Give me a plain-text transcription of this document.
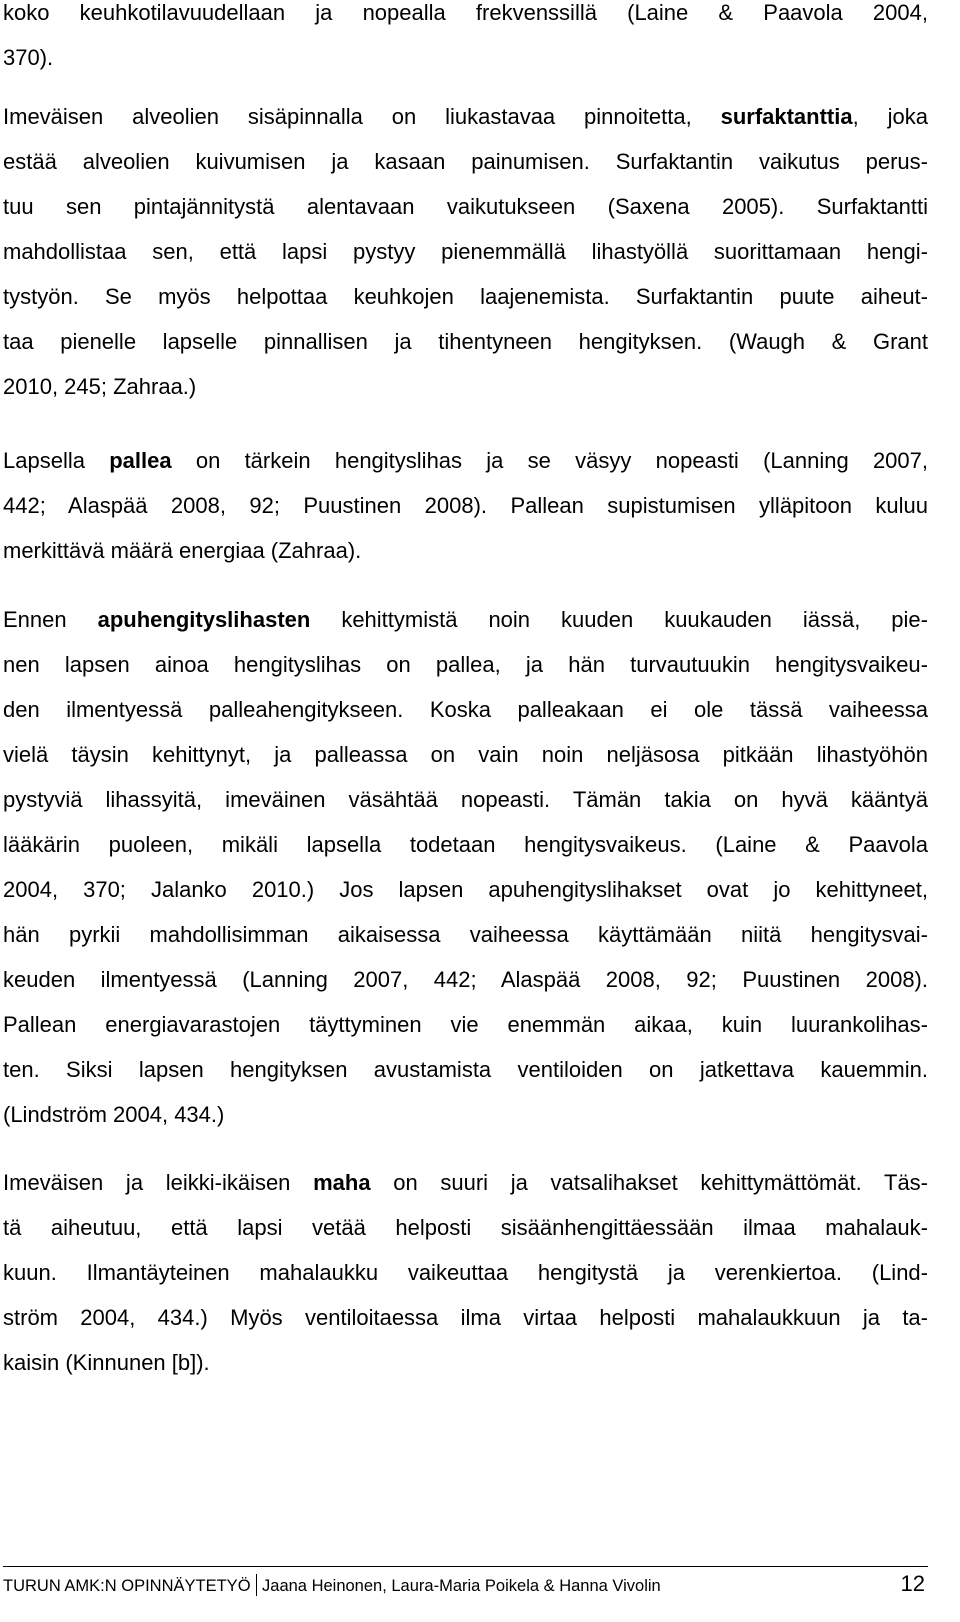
koko keuhkotilavuudellaan ja nopealla frekvenssillä (Laine & Paavola 2004,
370).
Imeväisen alveolien sisäpinnalla on liukastavaa pinnoitetta, surfaktanttia, joka
estää alveolien kuivumisen ja kasaan painumisen. Surfaktantin vaikutus perus-
tuu sen pintajännitystä alentavaan vaikutukseen (Saxena 2005). Surfaktantti
mahdollistaa sen, että lapsi pystyy pienemmällä lihastyöllä suorittamaan hengi-
tystyön. Se myös helpottaa keuhkojen laajenemista. Surfaktantin puute aiheut-
taa pienelle lapselle pinnallisen ja tihentyneen hengityksen. (Waugh & Grant
2010, 245; Zahraa.)
Lapsella pallea on tärkein hengityslihas ja se väsyy nopeasti (Lanning 2007,
442; Alaspää 2008, 92; Puustinen 2008). Pallean supistumisen ylläpitoon kuluu
merkittävä määrä energiaa (Zahraa).
Ennen apuhengityslihasten kehittymistä noin kuuden kuukauden iässä, pie-
nen lapsen ainoa hengityslihas on pallea, ja hän turvautuukin hengitysvaikeu-
den ilmentyessä palleahengitykseen. Koska palleakaan ei ole tässä vaiheessa
vielä täysin kehittynyt, ja palleassa on vain noin neljäsosa pitkään lihastyöhön
pystyviä lihassyitä, imeväinen väsähtää nopeasti. Tämän takia on hyvä kääntyä
lääkärin puoleen, mikäli lapsella todetaan hengitysvaikeus. (Laine & Paavola
2004, 370; Jalanko 2010.) Jos lapsen apuhengityslihakset ovat jo kehittyneet,
hän pyrkii mahdollisimman aikaisessa vaiheessa käyttämään niitä hengitysvai-
keuden ilmentyessä (Lanning 2007, 442; Alaspää 2008, 92; Puustinen 2008).
Pallean energiavarastojen täyttyminen vie enemmän aikaa, kuin luurankolihas-
ten. Siksi lapsen hengityksen avustamista ventiloiden on jatkettava kauemmin.
(Lindström 2004, 434.)
Imeväisen ja leikki-ikäisen maha on suuri ja vatsalihakset kehittymättömät. Täs-
tä aiheutuu, että lapsi vetää helposti sisäänhengittäessään ilmaa mahalauk-
kuun. Ilmantäyteinen mahalaukku vaikeuttaa hengitystä ja verenkiertoa. (Lind-
ström 2004, 434.) Myös ventiloitaessa ilma virtaa helposti mahalaukkuun ja ta-
kaisin (Kinnunen [b]).
TURUN AMK:N OPINNÄYTETYÖ Jaana Heinonen, Laura-Maria Poikela & Hanna Vivolin	12
